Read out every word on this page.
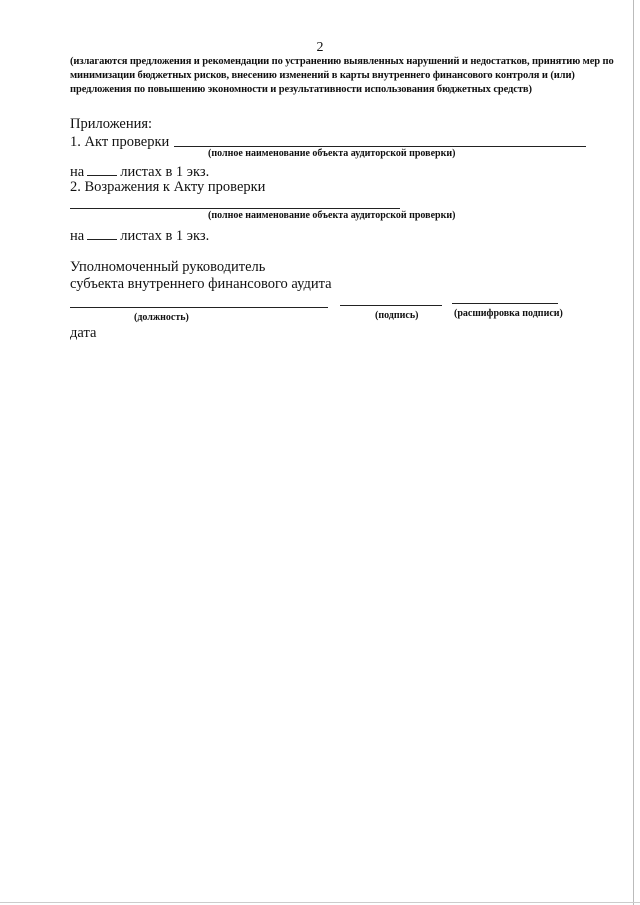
2
(излагаются предложения и рекомендации по устранению выявленных нарушений и недостатков, принятию мер по
минимизации бюджетных рисков, внесению изменений в карты внутреннего финансового контроля и (или)
предложения по повышению экономности и результативности использования бюджетных средств)
Приложения:
1. Акт проверки
(полное наименование объекта аудиторской проверки)
на листах в 1 экз.
2. Возражения к Акту проверки
(полное наименование объекта аудиторской проверки)
на листах в 1 экз.
Уполномоченный руководитель
субъекта внутреннего финансового аудита
(должность)	(подпись)	(расшифровка подписи)
дата
